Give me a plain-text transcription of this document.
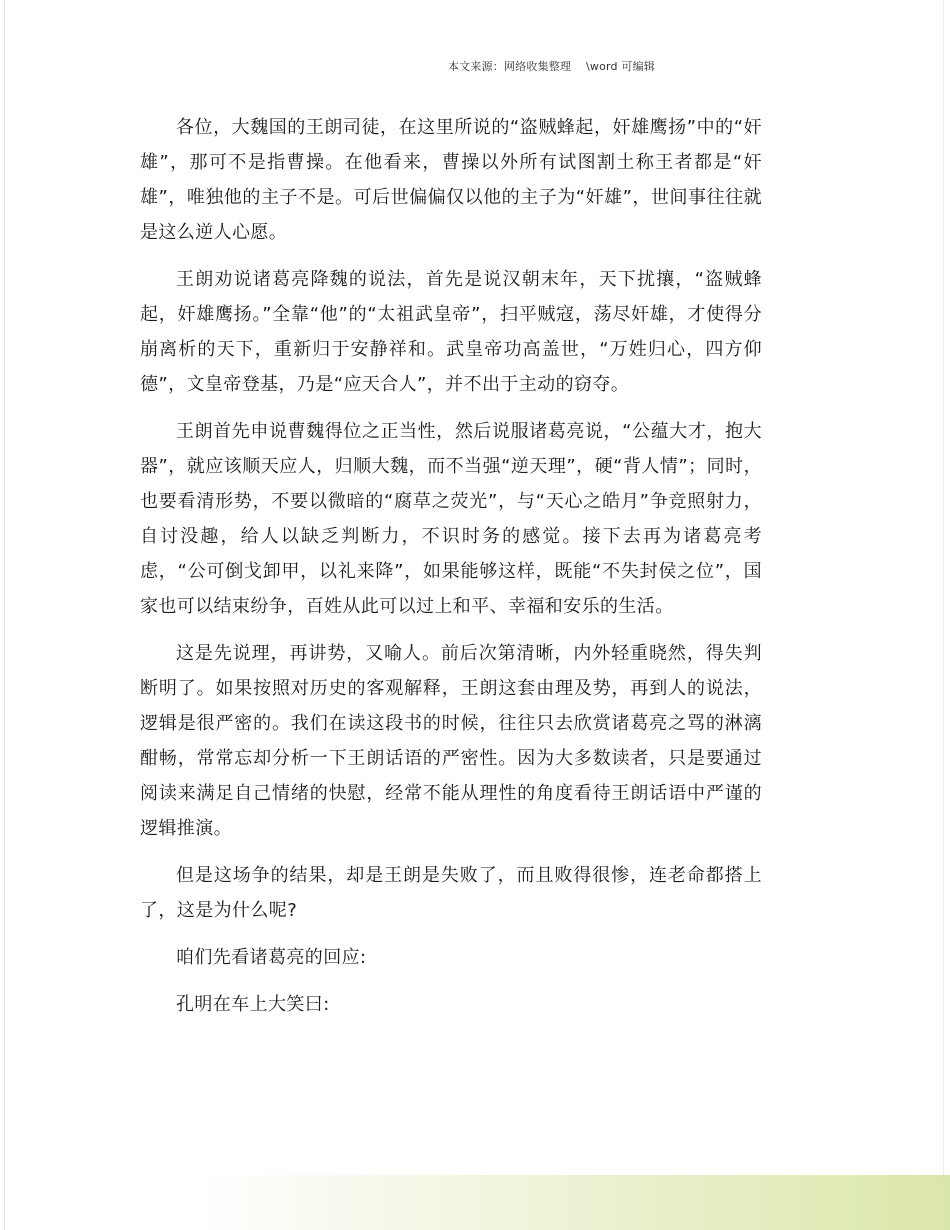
本文来源：网络收集整理    \word 可编辑

各位，大魏国的王朗司徒，在这里所说的“盗贼蜂起，奸雄鹰扬”中的“奸雄”，那可不是指曹操。在他看来，曹操以外所有试图割土称王者都是“奸雄”，唯独他的主子不是。可后世偏偏仅以他的主子为“奸雄”，世间事往往就是这么逆人心愿。

王朗劝说诸葛亮降魏的说法，首先是说汉朝末年，天下扰攘，“盗贼蜂起，奸雄鹰扬。”全靠“他”的“太祖武皇帝”，扫平贼寇，荡尽奸雄，才使得分崩离析的天下，重新归于安静祥和。武皇帝功高盖世，“万姓归心，四方仰德”，文皇帝登基，乃是“应天合人”，并不出于主动的窃夺。

王朗首先申说曹魏得位之正当性，然后说服诸葛亮说，“公蕴大才，抱大器”，就应该顺天应人，归顺大魏，而不当强“逆天理”，硬“背人情”；同时，也要看清形势，不要以微暗的“腐草之荧光”，与“天心之皓月”争竞照射力，自讨没趣，给人以缺乏判断力，不识时务的感觉。接下去再为诸葛亮考虑，“公可倒戈卸甲，以礼来降”，如果能够这样，既能“不失封侯之位”，国家也可以结束纷争，百姓从此可以过上和平、幸福和安乐的生活。

这是先说理，再讲势，又喻人。前后次第清晰，内外轻重晓然，得失判断明了。如果按照对历史的客观解释，王朗这套由理及势，再到人的说法，逻辑是很严密的。我们在读这段书的时候，往往只去欣赏诸葛亮之骂的淋漓酣畅，常常忘却分析一下王朗话语的严密性。因为大多数读者，只是要通过阅读来满足自己情绪的快慰，经常不能从理性的角度看待王朗话语中严谨的逻辑推演。

但是这场争的结果，却是王朗是失败了，而且败得很惨，连老命都搭上了，这是为什么呢?

咱们先看诸葛亮的回应:

孔明在车上大笑曰:
